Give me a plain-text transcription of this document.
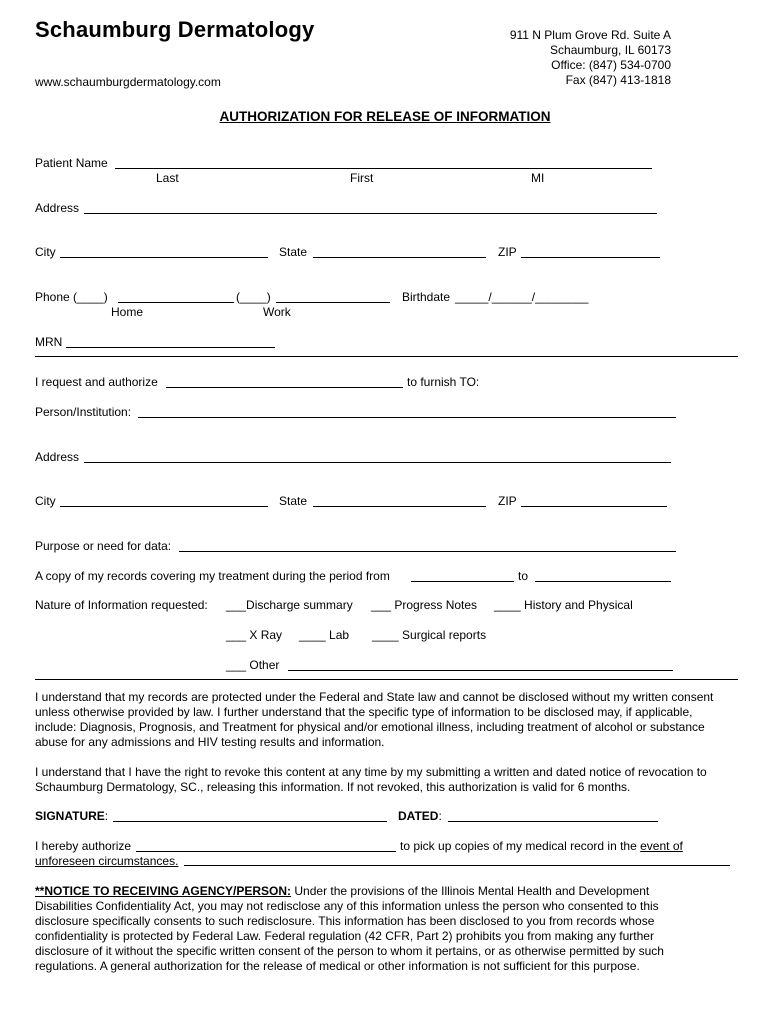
Schaumburg Dermatology
www.schaumburgdermatology.com
911 N Plum Grove Rd. Suite A
Schaumburg, IL 60173
Office: (847) 534-0700
Fax (847) 413-1818
AUTHORIZATION FOR RELEASE OF INFORMATION
Patient Name
Last	First	MI
Address
City	State	ZIP
Phone (____)	(____)
Home	Work
Birthdate _____/______/________
MRN
I request and authorize	to furnish TO:
Person/Institution:
Address
City	State	ZIP
Purpose or need for data:
A copy of my records covering my treatment during the period from	to
Nature of Information requested: ___Discharge summary ___ Progress Notes ____ History and Physical
___ X Ray ____ Lab ____ Surgical reports
___ Other
I understand that my records are protected under the Federal and State law and cannot be disclosed without my written consent unless otherwise provided by law. I further understand that the specific type of information to be disclosed may, if applicable, include: Diagnosis, Prognosis, and Treatment for physical and/or emotional illness, including treatment of alcohol or substance abuse for any admissions and HIV testing results and information.
I understand that I have the right to revoke this content at any time by my submitting a written and dated notice of revocation to Schaumburg Dermatology, SC., releasing this information. If not revoked, this authorization is valid for 6 months.
SIGNATURE:	DATED:
I hereby authorize	to pick up copies of my medical record in the event of
unforeseen circumstances.
**NOTICE TO RECEIVING AGENCY/PERSON: Under the provisions of the Illinois Mental Health and Development Disabilities Confidentiality Act, you may not redisclose any of this information unless the person who consented to this disclosure specifically consents to such redisclosure. This information has been disclosed to you from records whose confidentiality is protected by Federal Law. Federal regulation (42 CFR, Part 2) prohibits you from making any further disclosure of it without the specific written consent of the person to whom it pertains, or as otherwise permitted by such regulations. A general authorization for the release of medical or other information is not sufficient for this purpose.
